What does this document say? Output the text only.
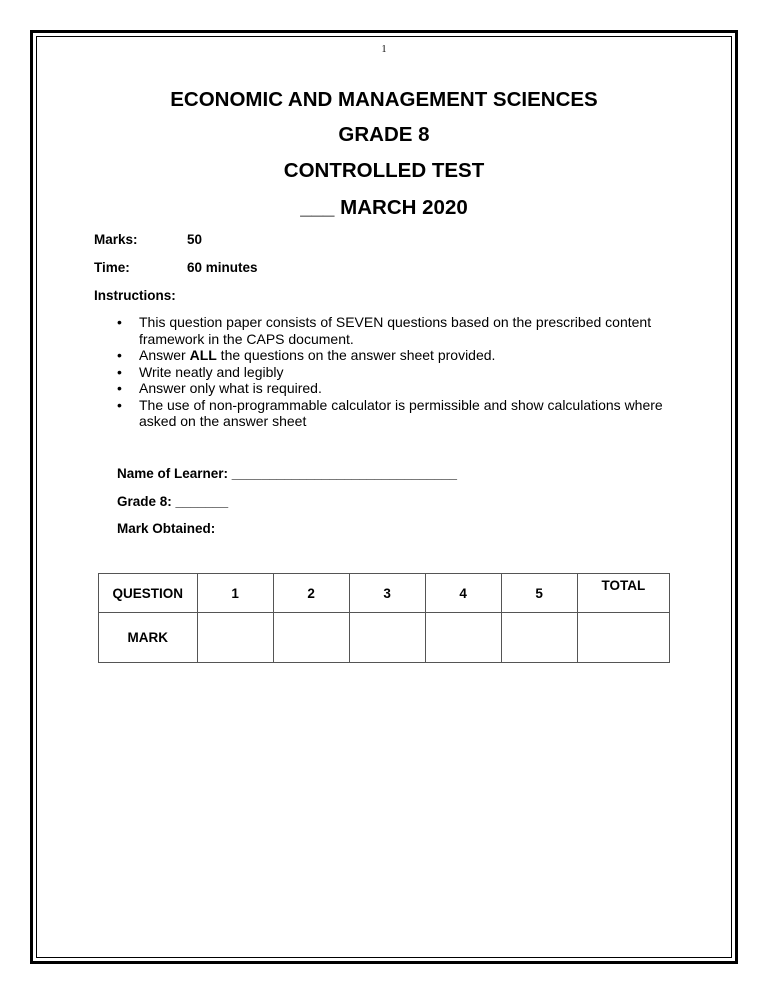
1
ECONOMIC AND MANAGEMENT SCIENCES
GRADE 8
CONTROLLED TEST
___ MARCH 2020
Marks:	50
Time:	60 minutes
Instructions:
• This question paper consists of SEVEN questions based on the prescribed content framework in the CAPS document.
• Answer ALL the questions on the answer sheet provided.
• Write neatly and legibly
• Answer only what is required.
• The use of non-programmable calculator is permissible and show calculations where asked on the answer sheet
Name of Learner: ______________________________
Grade 8: _______
Mark Obtained:
QUESTION	1	2	3	4	5	TOTAL
MARK						
